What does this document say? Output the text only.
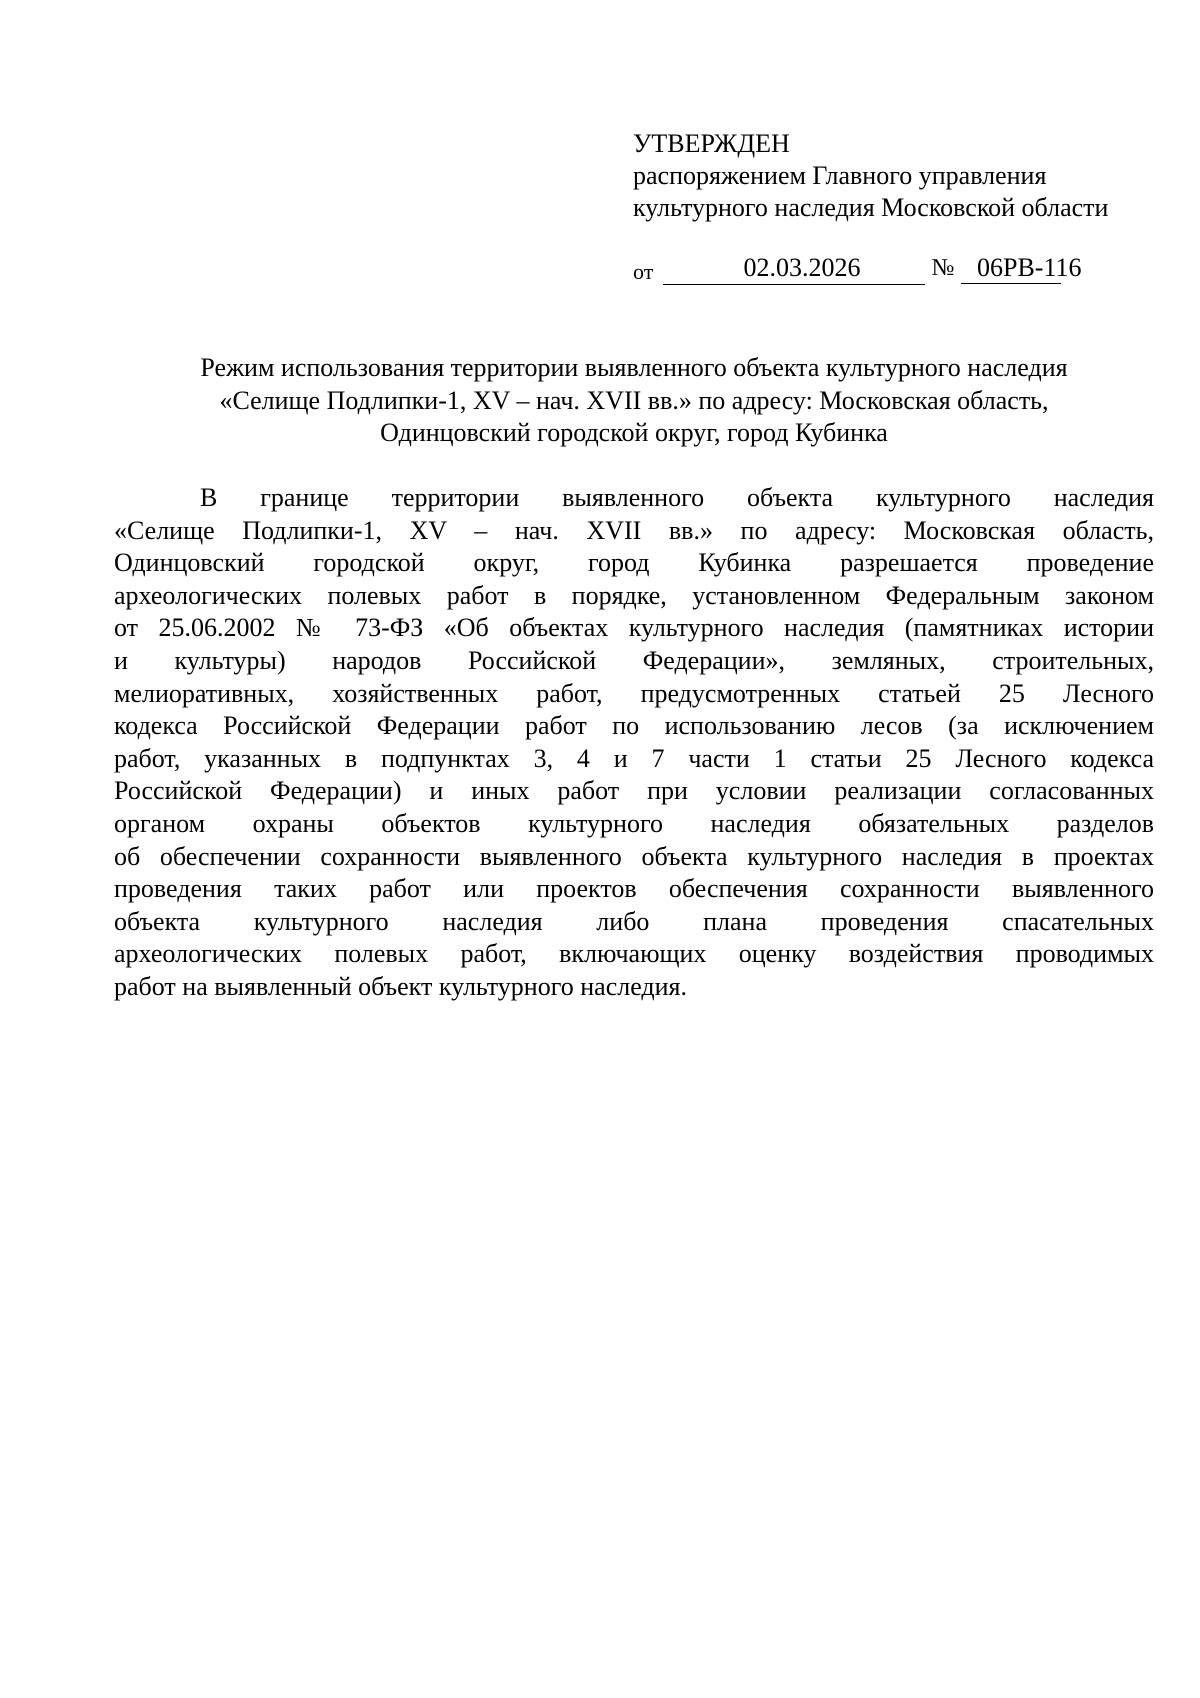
УТВЕРЖДЕН
распоряжением Главного управления
культурного наследия Московской области
от	02.03.2026	№ 06РВ-116
Режим использования территории выявленного объекта культурного наследия
«Селище Подлипки-1, XV – нач. XVII вв.» по адресу: Московская область,
Одинцовский городской округ, город Кубинка
В границе территории выявленного объекта культурного наследия
«Селище Подлипки-1, XV – нач. XVII вв.» по адресу: Московская область,
Одинцовский городской округ, город Кубинка разрешается проведение
археологических полевых работ в порядке, установленном Федеральным законом
от 25.06.2002 № 73-ФЗ «Об объектах культурного наследия (памятниках истории
и культуры) народов Российской Федерации», земляных, строительных,
мелиоративных, хозяйственных работ, предусмотренных статьей 25 Лесного
кодекса Российской Федерации работ по использованию лесов (за исключением
работ, указанных в подпунктах 3, 4 и 7 части 1 статьи 25 Лесного кодекса
Российской Федерации) и иных работ при условии реализации согласованных
органом охраны объектов культурного наследия обязательных разделов
об обеспечении сохранности выявленного объекта культурного наследия в проектах
проведения таких работ или проектов обеспечения сохранности выявленного
объекта культурного наследия либо плана проведения спасательных
археологических полевых работ, включающих оценку воздействия проводимых
работ на выявленный объект культурного наследия.
